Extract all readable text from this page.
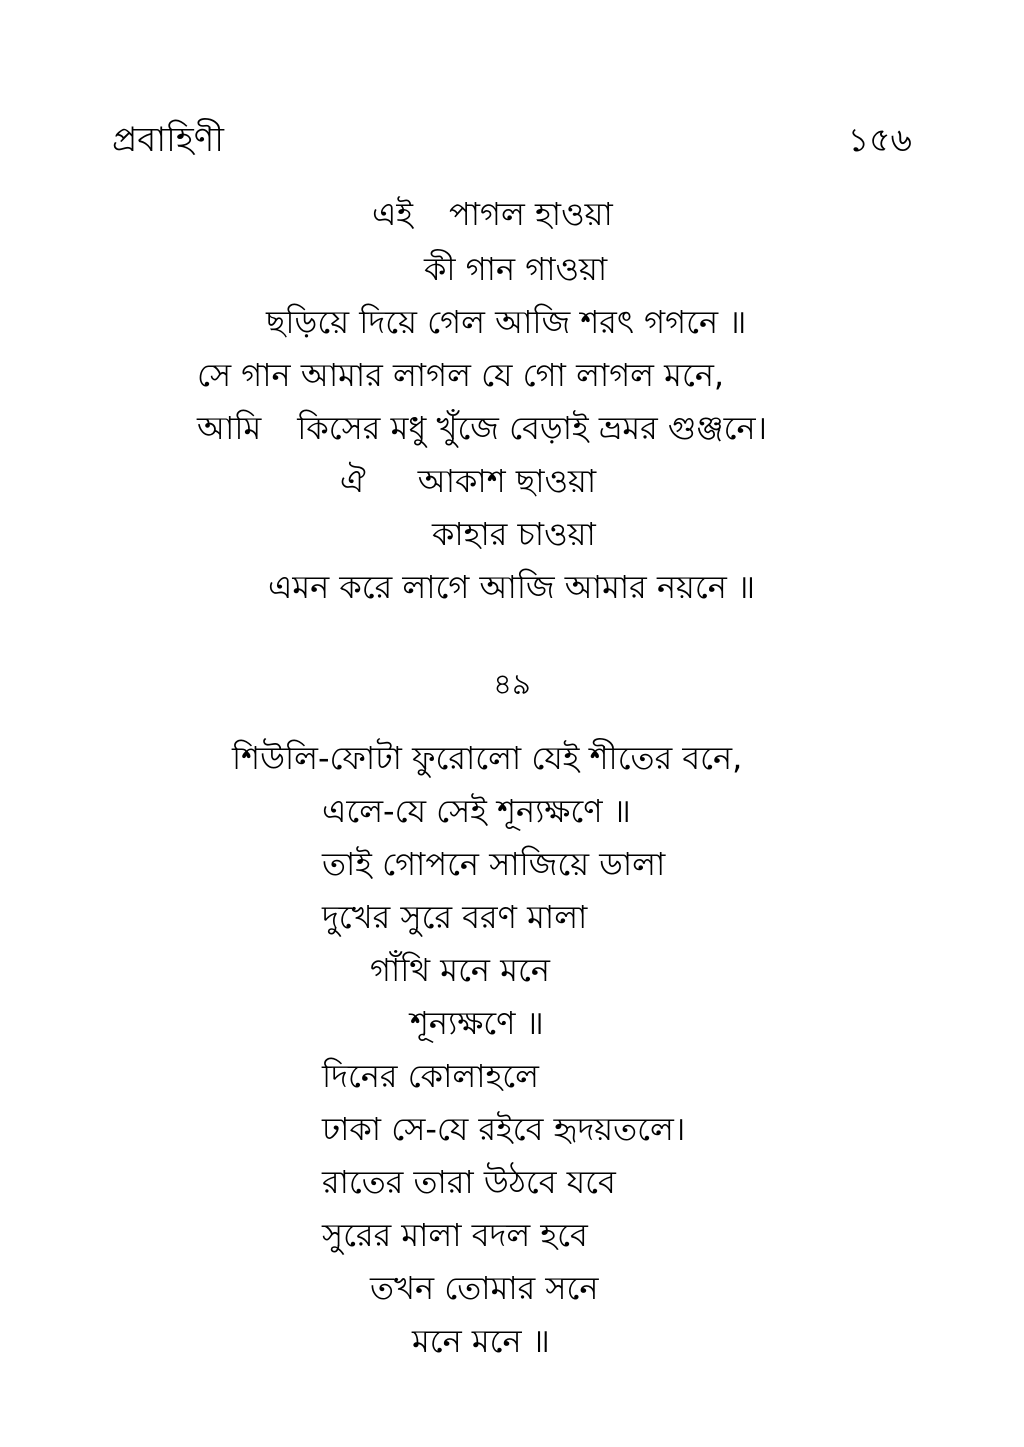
প্রবাহিণী	১৫৬
এই পাগল হাওয়া
কী গান গাওয়া
ছড়িয়ে দিয়ে গেল আজি শরৎ গগনে ॥
সে গান আমার লাগল যে গো লাগল মনে,
আমি কিসের মধু খুঁজে বেড়াই ভ্রমর গুঞ্জনে।
ঐ আকাশ ছাওয়া
কাহার চাওয়া
এমন করে লাগে আজি আমার নয়নে ॥
৪৯
শিউলি-ফোটা ফুরোলো যেই শীতের বনে,
এলে-যে সেই শূন্যক্ষণে ॥
তাই গোপনে সাজিয়ে ডালা
দুখের সুরে বরণ মালা
গাঁথি মনে মনে
শূন্যক্ষণে ॥
দিনের কোলাহলে
ঢাকা সে-যে রইবে হৃদয়তলে।
রাতের তারা উঠবে যবে
সুরের মালা বদল হবে
তখন তোমার সনে
মনে মনে ॥
